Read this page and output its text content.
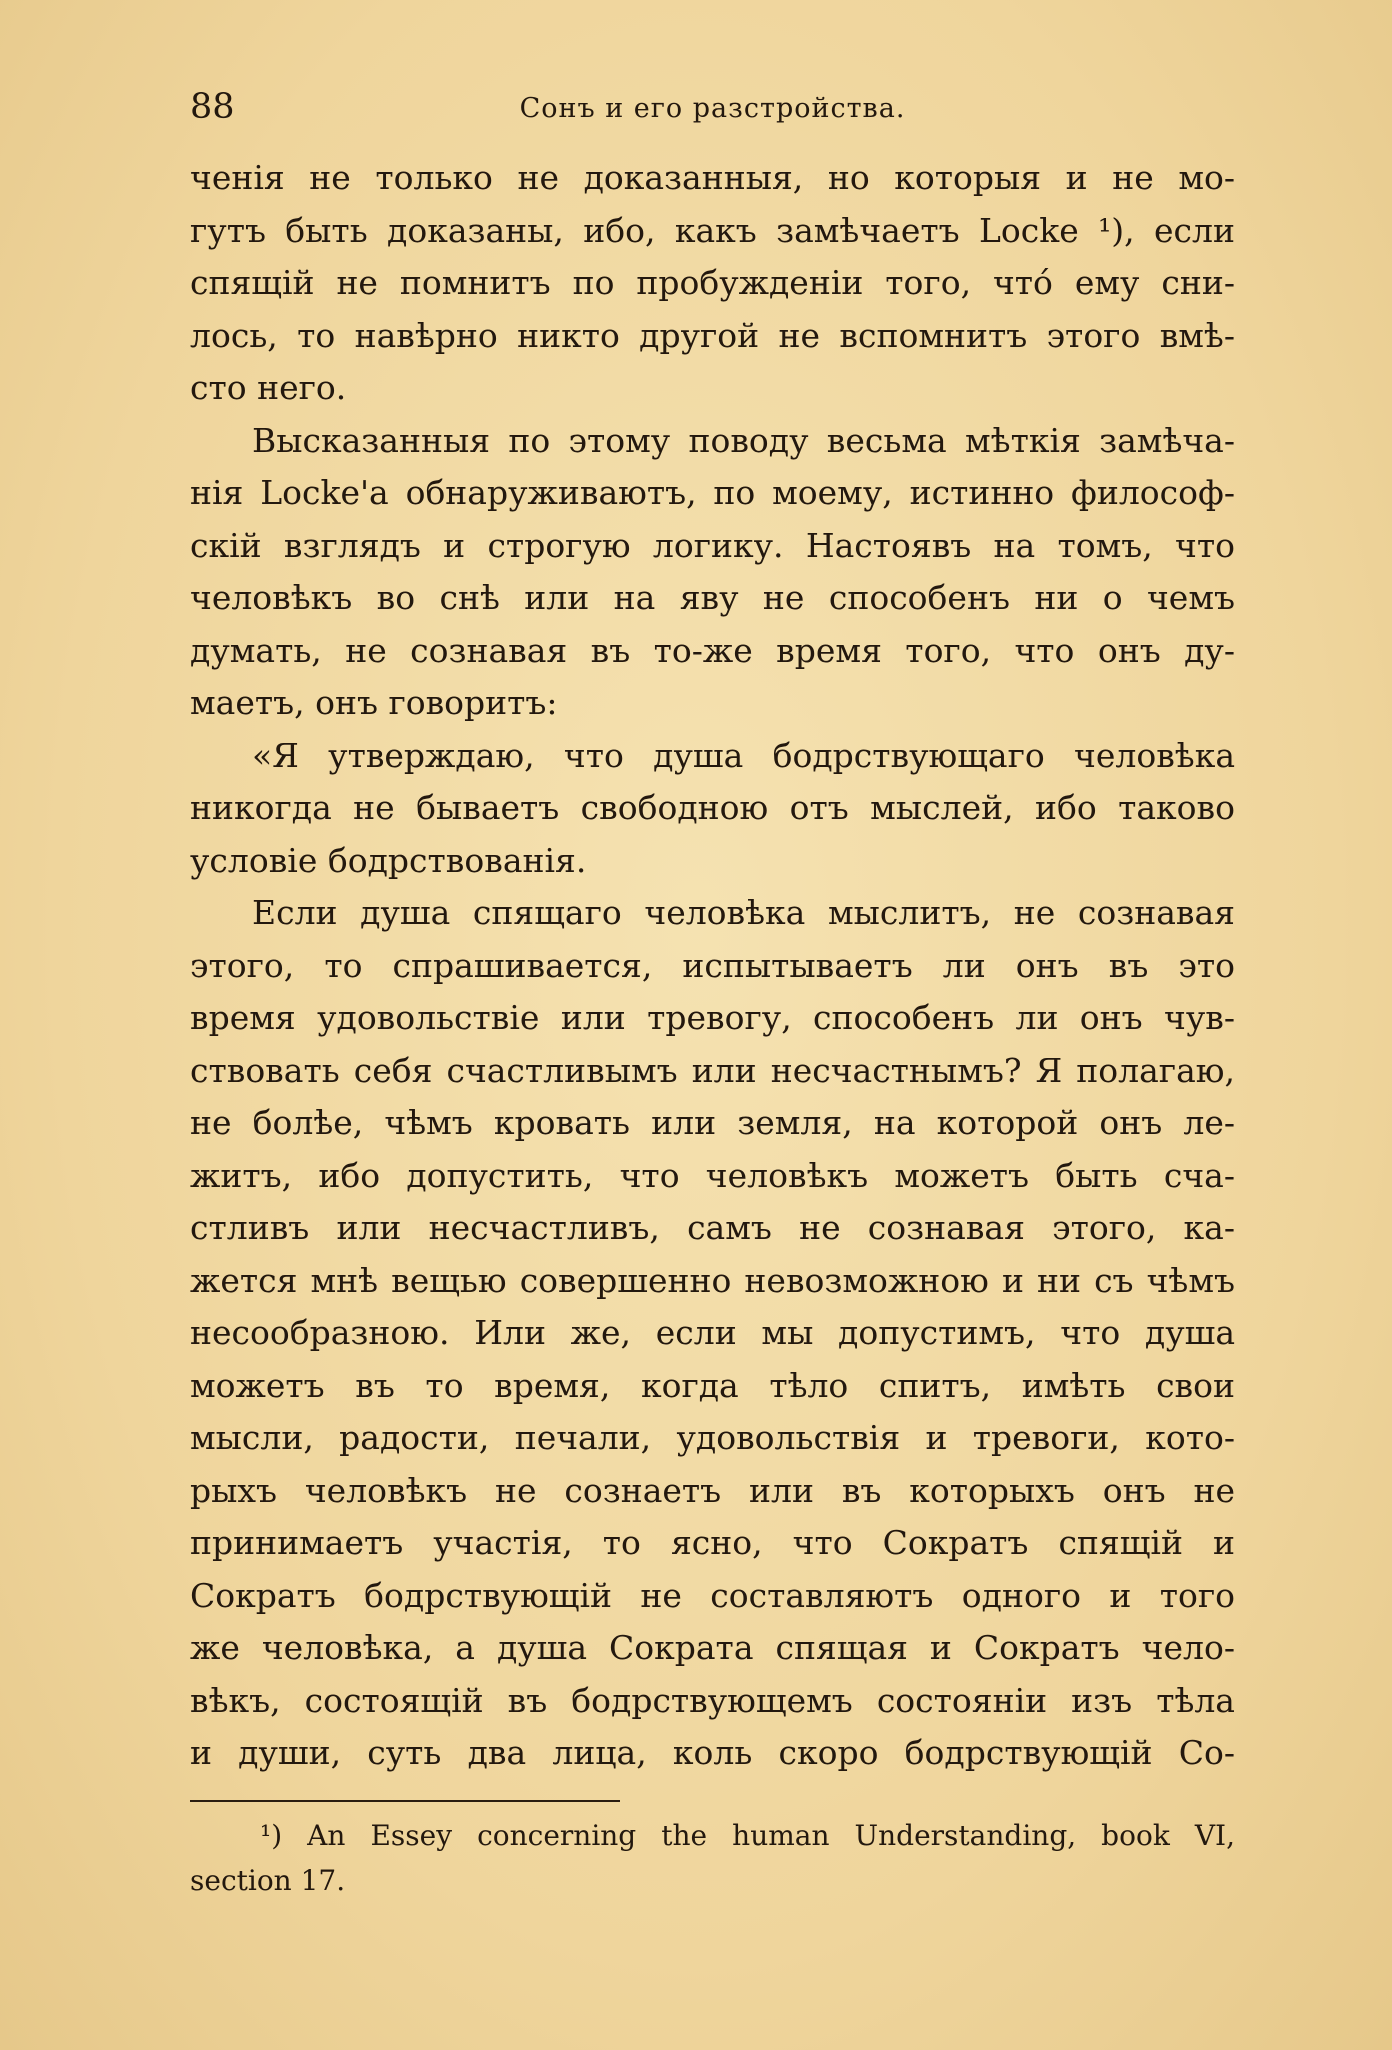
88	Сонъ и его разстройства.
ченія не только не доказанныя, но которыя и не мо-
гутъ быть доказаны, ибо, какъ замѣчаетъ Locke ¹), если
спящій не помнитъ по пробужденіи того, что́ ему сни-
лось, то навѣрно никто другой не вспомнитъ этого вмѣ-
сто него.
Высказанныя по этому поводу весьма мѣткія замѣча-
нія Locke'а обнаруживаютъ, по моему, истинно философ-
скій взглядъ и строгую логику. Настоявъ на томъ, что
человѣкъ во снѣ или на яву не способенъ ни о чемъ
думать, не сознавая въ то-же время того, что онъ ду-
маетъ, онъ говоритъ:
«Я утверждаю, что душа бодрствующаго человѣка
никогда не бываетъ свободною отъ мыслей, ибо таково
условіе бодрствованія.
Если душа спящаго человѣка мыслитъ, не сознавая
этого, то спрашивается, испытываетъ ли онъ въ это
время удовольствіе или тревогу, способенъ ли онъ чув-
ствовать себя счастливымъ или несчастнымъ? Я полагаю,
не болѣе, чѣмъ кровать или земля, на которой онъ ле-
житъ, ибо допустить, что человѣкъ можетъ быть сча-
стливъ или несчастливъ, самъ не сознавая этого, ка-
жется мнѣ вещью совершенно невозможною и ни съ чѣмъ
несообразною. Или же, если мы допустимъ, что душа
можетъ въ то время, когда тѣло спитъ, имѣть свои
мысли, радости, печали, удовольствія и тревоги, кото-
рыхъ человѣкъ не сознаетъ или въ которыхъ онъ не
принимаетъ участія, то ясно, что Сократъ спящій и
Сократъ бодрствующій не составляютъ одного и того
же человѣка, а душа Сократа спящая и Сократъ чело-
вѣкъ, состоящій въ бодрствующемъ состояніи изъ тѣла
и души, суть два лица, коль скоро бодрствующій Со-
¹) An Essey concerning the human Understanding, book VI,
section 17.
